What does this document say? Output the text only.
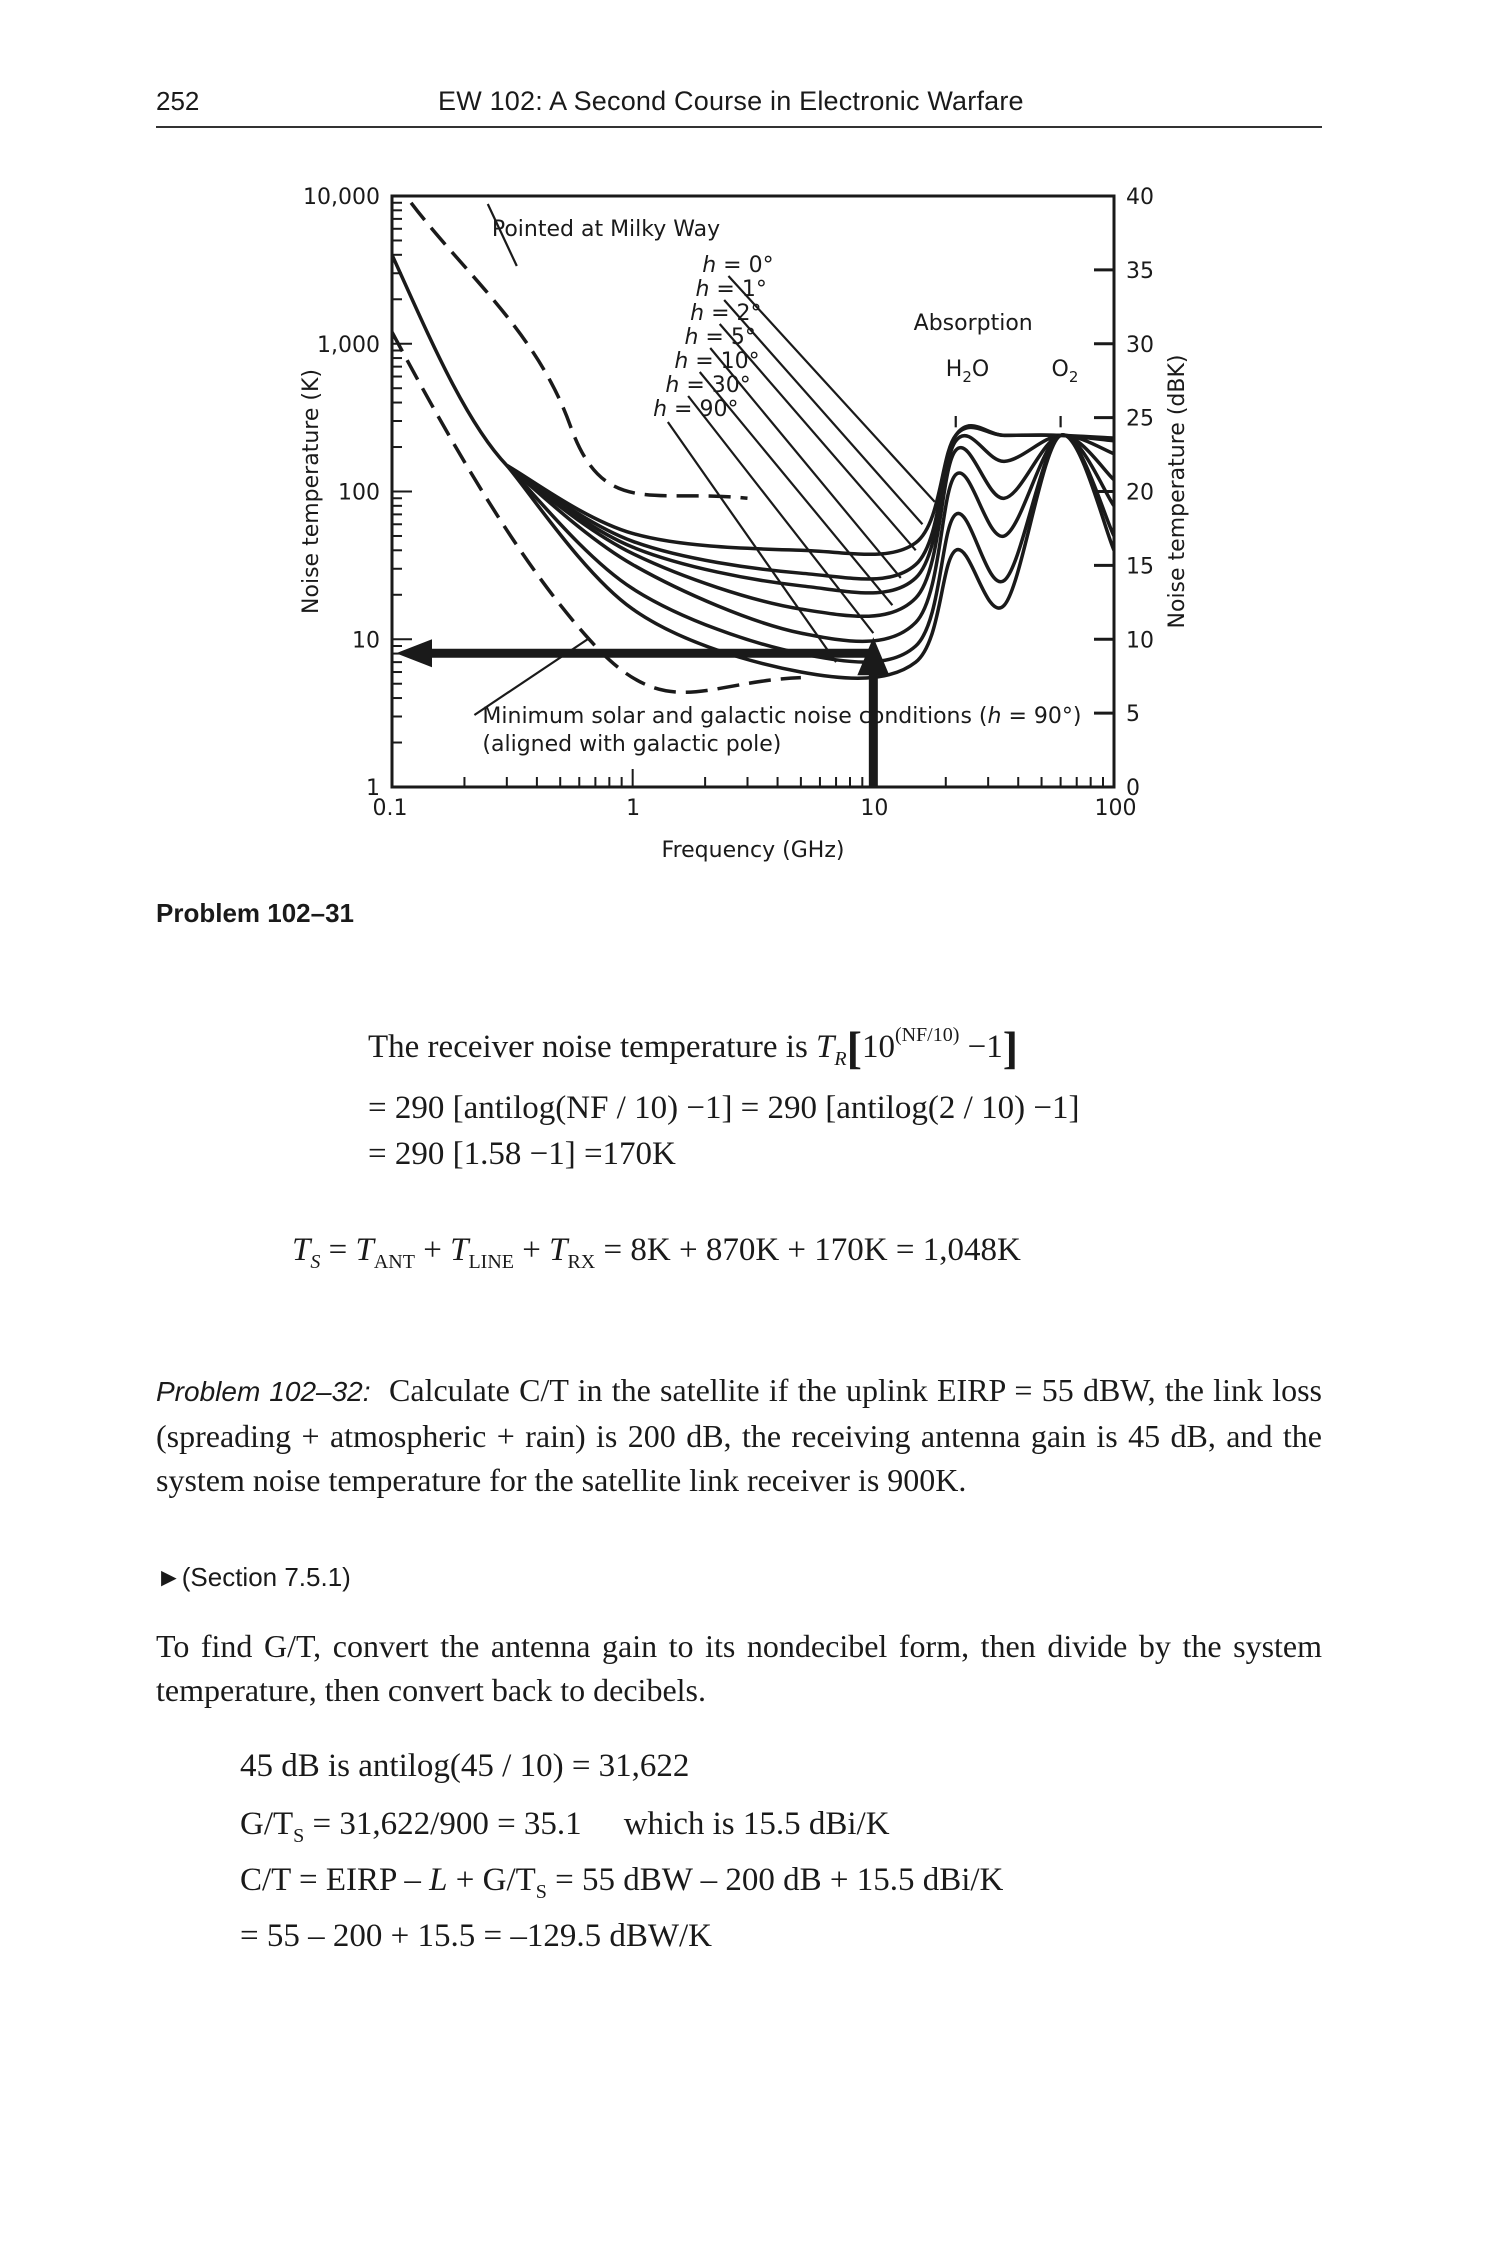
252	EW 102: A Second Course in Electronic Warfare
0
5
10
15
20
25
30
35
40
0.1	1	10	100
1
10
100
1,000
10,000
Frequency (GHz)
Noise temperature (K)	Noise temperature (dBK)
Pointed at Milky Way
Absorption
$H_2O$	$O_2$
h = 0°
h = 1°
h = 2°
h = 5°
h = 10°
h = 30°
h = 90°
Minimum solar and galactic noise conditions (h = 90°)
(aligned with galactic pole)
Problem 102–31
The receiver noise temperature is $T_R[10^{(NF/10)} -1]$
= 290 [antilog(NF / 10) −1] = 290 [antilog(2 / 10) −1]
= 290 [1.58 −1] =170K
$T_S = T_{ANT} + T_{LINE} + T_{RX} = 8K + 870K + 170K = 1,048K$
Problem 102–32: Calculate C/T in the satellite if the uplink EIRP = 55 dBW, the link loss (spreading + atmospheric + rain) is 200 dB, the receiving antenna gain is 45 dB, and the system noise temperature for the satellite link receiver is 900K.
►(Section 7.5.1)
To find G/T, convert the antenna gain to its nondecibel form, then divide by the system temperature, then convert back to decibels.
45 dB is antilog(45 / 10) = 31,622
$G/T_S = 31,622/900 = 35.1$ which is 15.5 dBi/K
C/T = EIRP – $L + G/T_S = 55$ dBW – 200 dB + 15.5 dBi/K
= 55 – 200 + 15.5 = –129.5 dBW/K
